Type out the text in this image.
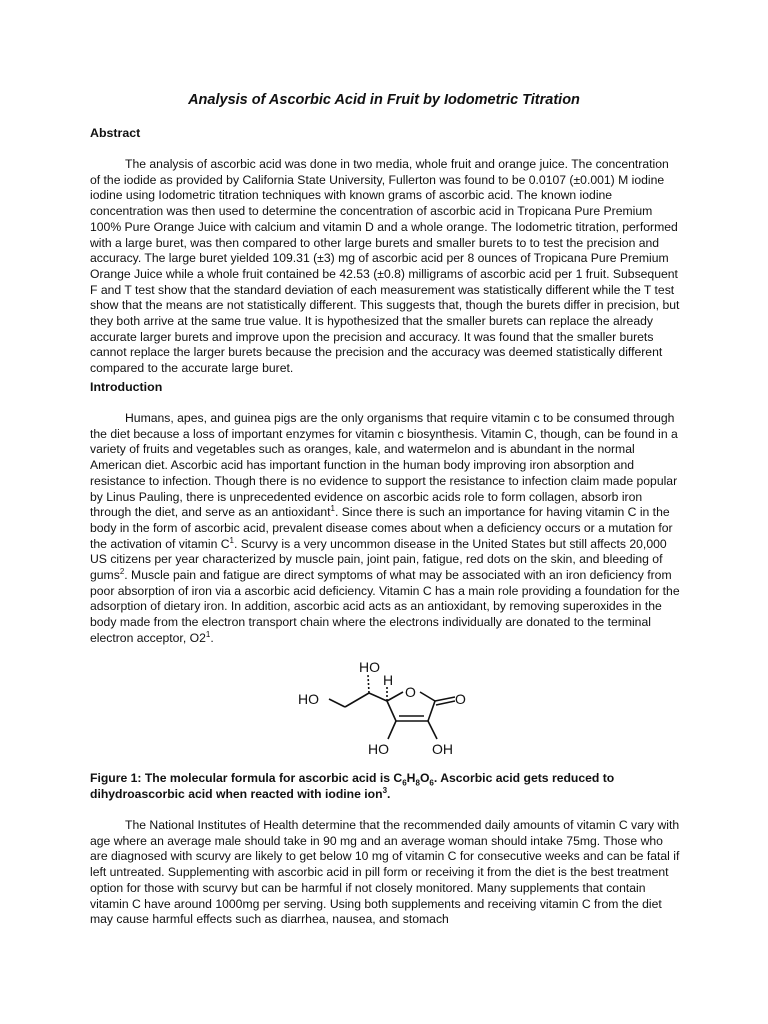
Analysis of Ascorbic Acid in Fruit by Iodometric Titration
Abstract

The analysis of ascorbic acid was done in two media, whole fruit and orange juice. The concentration of the iodide as provided by California State University, Fullerton was found to be 0.0107 (±0.001) M iodine iodine using Iodometric titration techniques with known grams of ascorbic acid. The known iodine concentration was then used to determine the concentration of ascorbic acid in Tropicana Pure Premium 100% Pure Orange Juice with calcium and vitamin D and a whole orange. The Iodometric titration, performed with a large buret, was then compared to other large burets and smaller burets to to test the precision and accuracy. The large buret yielded 109.31 (±3) mg of ascorbic acid per 8 ounces of Tropicana Pure Premium Orange Juice while a whole fruit contained be 42.53 (±0.8) milligrams of ascorbic acid per 1 fruit. Subsequent F and T test show that the standard deviation of each measurement was statistically different while the T test show that the means are not statistically different. This suggests that, though the burets differ in precision, but they both arrive at the same true value. It is hypothesized that the smaller burets can replace the already accurate larger burets and improve upon the precision and accuracy. It was found that the smaller burets cannot replace the larger burets because the precision and the accuracy was deemed statistically different compared to the accurate large buret.

Introduction

Humans, apes, and guinea pigs are the only organisms that require vitamin c to be consumed through the diet because a loss of important enzymes for vitamin c biosynthesis. Vitamin C, though, can be found in a variety of fruits and vegetables such as oranges, kale, and watermelon and is abundant in the normal American diet. Ascorbic acid has important function in the human body improving iron absorption and resistance to infection. Though there is no evidence to support the resistance to infection claim made popular by Linus Pauling, there is unprecedented evidence on ascorbic acids role to form collagen, absorb iron through the diet, and serve as an antioxidant$^1$. Since there is such an importance for having vitamin C in the body in the form of ascorbic acid, prevalent disease comes about when a deficiency occurs or a mutation for the activation of vitamin $C^1$. Scurvy is a very uncommon disease in the United States but still affects 20,000 US citizens per year characterized by muscle pain, joint pain, fatigue, red dots on the skin, and bleeding of gums$^2$. Muscle pain and fatigue are direct symptoms of what may be associated with an iron deficiency from poor absorption of iron via a ascorbic acid deficiency. Vitamin C has a main role providing a foundation for the adsorption of dietary iron. In addition, ascorbic acid acts as an antioxidant, by removing superoxides in the body made from the electron transport chain where the electrons individually are donated to the terminal electron acceptor, $O2^1$.

HO
H
HO	O	O
HO	OH
Figure 1: The molecular formula for ascorbic acid is $C_6H_8O_6$. Ascorbic acid gets reduced to dihydroascorbic acid when reacted with iodine ion$^3$.

The National Institutes of Health determine that the recommended daily amounts of vitamin C vary with age where an average male should take in 90 mg and an average woman should intake 75mg. Those who are diagnosed with scurvy are likely to get below 10 mg of vitamin C for consecutive weeks and can be fatal if left untreated. Supplementing with ascorbic acid in pill form or receiving it from the diet is the best treatment option for those with scurvy but can be harmful if not closely monitored. Many supplements that contain vitamin C have around 1000mg per serving. Using both supplements and receiving vitamin C from the diet may cause harmful effects such as diarrhea, nausea, and stomach
